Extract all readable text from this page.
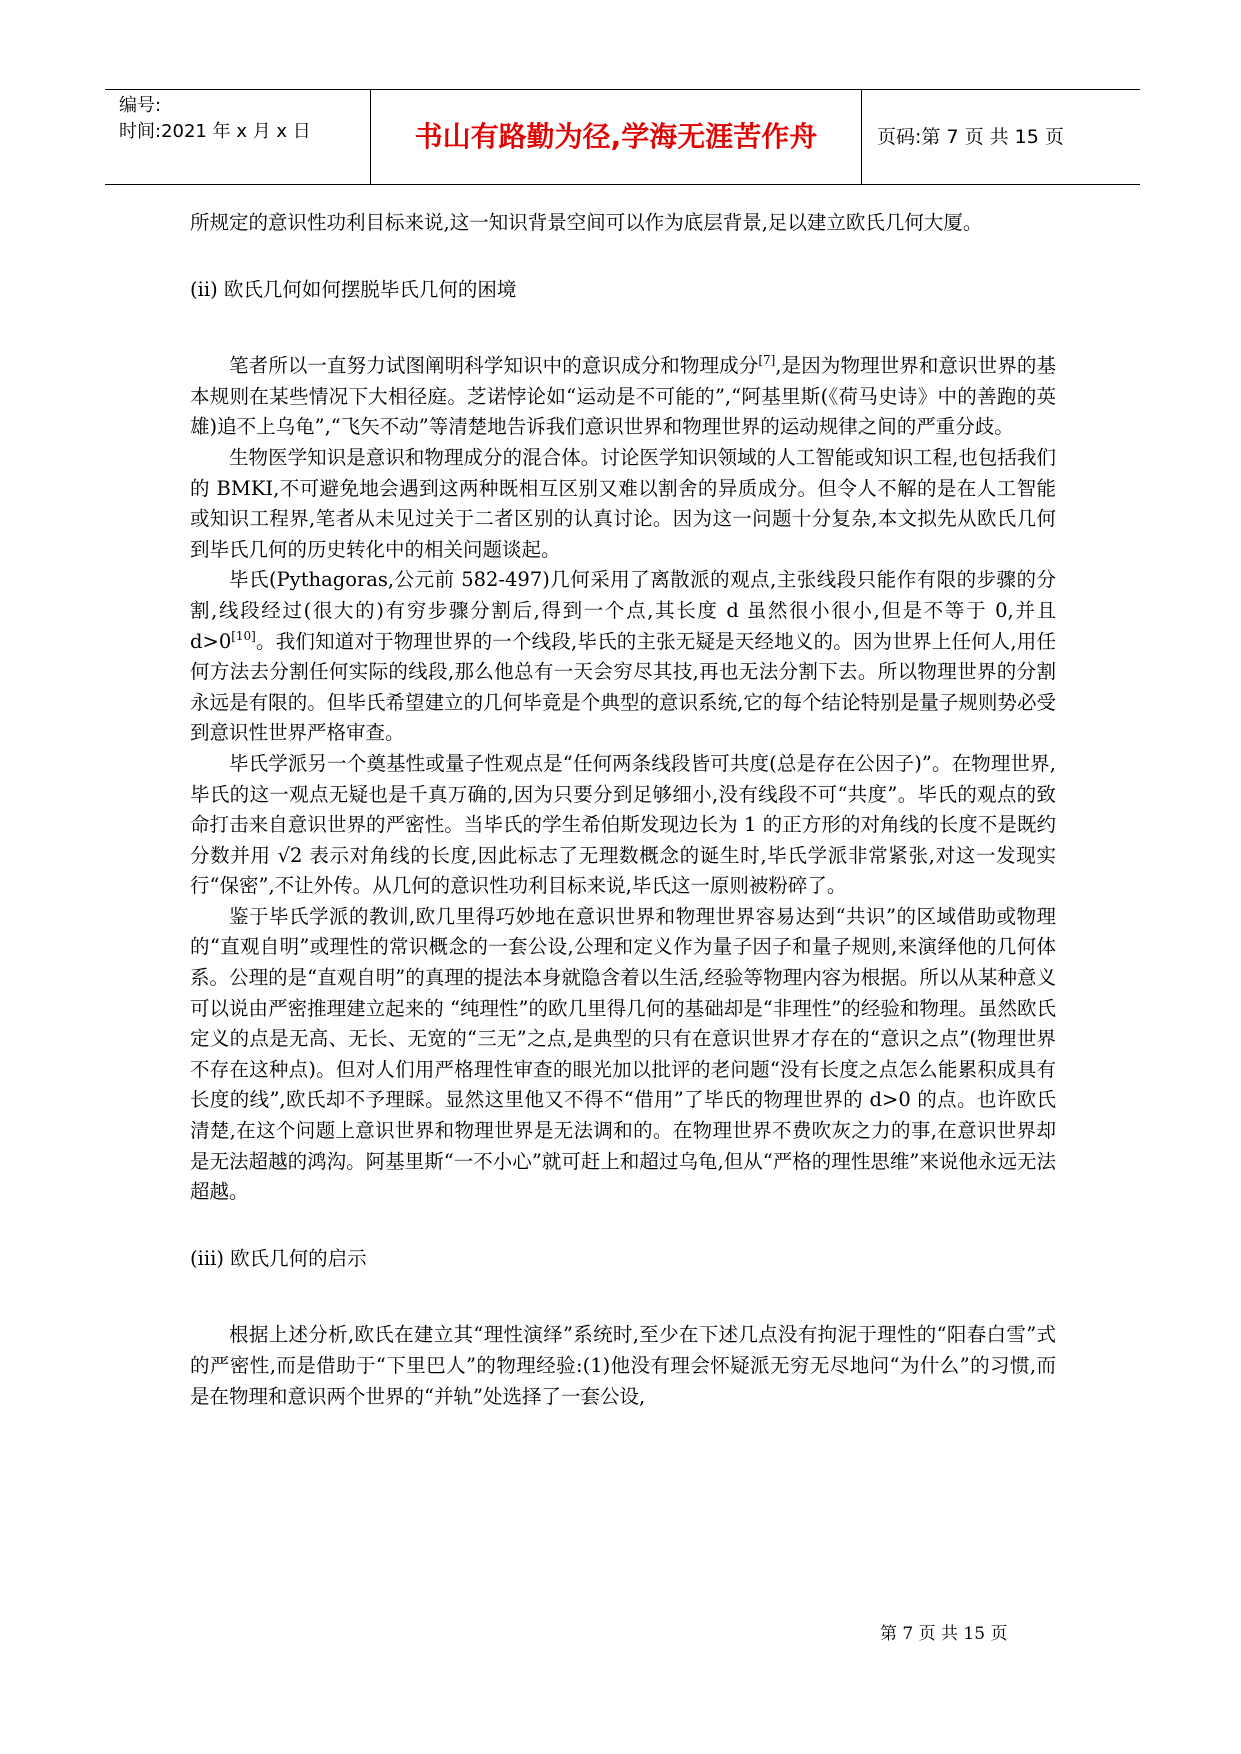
编号:
时间:2021 年 x 月 x 日	书山有路勤为径,学海无涯苦作舟	页码:第 7 页 共 15 页

所规定的意识性功利目标来说,这一知识背景空间可以作为底层背景,足以建立欧氏几何大厦。

(ii) 欧氏几何如何摆脱毕氏几何的困境

笔者所以一直努力试图阐明科学知识中的意识成分和物理成分[7],是因为物理世界和意识世界的基本规则在某些情况下大相径庭。芝诺悖论如“运动是不可能的”,“阿基里斯(《荷马史诗》中的善跑的英雄)追不上乌龟”,“飞矢不动”等清楚地告诉我们意识世界和物理世界的运动规律之间的严重分歧。

生物医学知识是意识和物理成分的混合体。讨论医学知识领域的人工智能或知识工程,也包括我们的 BMKI,不可避免地会遇到这两种既相互区别又难以割舍的异质成分。但令人不解的是在人工智能或知识工程界,笔者从未见过关于二者区别的认真讨论。因为这一问题十分复杂,本文拟先从欧氏几何到毕氏几何的历史转化中的相关问题谈起。

毕氏(Pythagoras,公元前 582-497)几何采用了离散派的观点,主张线段只能作有限的步骤的分割,线段经过(很大的)有穷步骤分割后,得到一个点,其长度 d 虽然很小很小,但是不等于 0,并且 d>0[10]。我们知道对于物理世界的一个线段,毕氏的主张无疑是天经地义的。因为世界上任何人,用任何方法去分割任何实际的线段,那么他总有一天会穷尽其技,再也无法分割下去。所以物理世界的分割永远是有限的。但毕氏希望建立的几何毕竟是个典型的意识系统,它的每个结论特别是量子规则势必受到意识性世界严格审查。

毕氏学派另一个奠基性或量子性观点是“任何两条线段皆可共度(总是存在公因子)”。在物理世界,毕氏的这一观点无疑也是千真万确的,因为只要分到足够细小,没有线段不可“共度”。毕氏的观点的致命打击来自意识世界的严密性。当毕氏的学生希伯斯发现边长为 1 的正方形的对角线的长度不是既约分数并用 √2 表示对角线的长度,因此标志了无理数概念的诞生时,毕氏学派非常紧张,对这一发现实行“保密”,不让外传。从几何的意识性功利目标来说,毕氏这一原则被粉碎了。

鉴于毕氏学派的教训,欧几里得巧妙地在意识世界和物理世界容易达到“共识”的区域借助或物理的“直观自明”或理性的常识概念的一套公设,公理和定义作为量子因子和量子规则,来演绎他的几何体系。公理的是“直观自明”的真理的提法本身就隐含着以生活,经验等物理内容为根据。所以从某种意义可以说由严密推理建立起来的 “纯理性”的欧几里得几何的基础却是“非理性”的经验和物理。虽然欧氏定义的点是无高、无长、无宽的“三无”之点,是典型的只有在意识世界才存在的“意识之点”(物理世界不存在这种点)。但对人们用严格理性审查的眼光加以批评的老问题“没有长度之点怎么能累积成具有长度的线”,欧氏却不予理睬。显然这里他又不得不“借用”了毕氏的物理世界的 d>0 的点。也许欧氏清楚,在这个问题上意识世界和物理世界是无法调和的。在物理世界不费吹灰之力的事,在意识世界却是无法超越的鸿沟。阿基里斯“一不小心”就可赶上和超过乌龟,但从“严格的理性思维”来说他永远无法超越。

(iii) 欧氏几何的启示

根据上述分析,欧氏在建立其“理性演绎”系统时,至少在下述几点没有拘泥于理性的“阳春白雪”式的严密性,而是借助于“下里巴人”的物理经验:(1)他没有理会怀疑派无穷无尽地问“为什么”的习惯,而是在物理和意识两个世界的“并轨”处选择了一套公设,

第 7 页 共 15 页
